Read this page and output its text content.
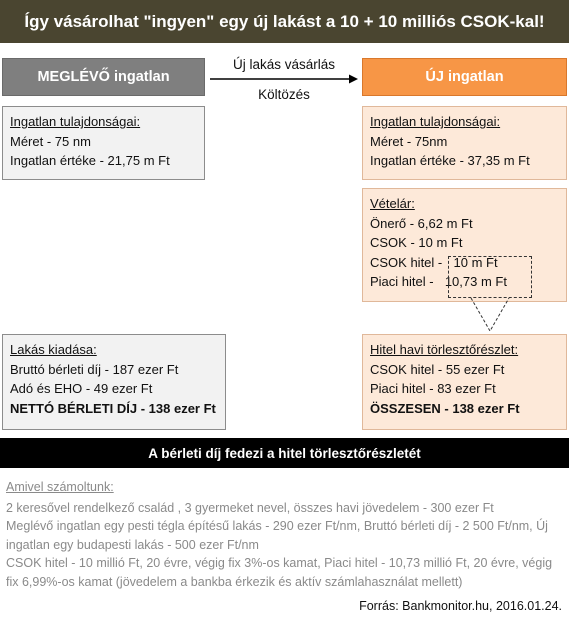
Így vásárolhat "ingyen" egy új lakást a 10 + 10 milliós CSOK-kal!
MEGLÉVŐ ingatlan
Új lakás vásárlás
Költözés
ÚJ ingatlan
Ingatlan tulajdonságai:
Méret - 75 nm
Ingatlan értéke - 21,75 m Ft
Ingatlan tulajdonságai:
Méret - 75nm
Ingatlan értéke - 37,35 m Ft
Vételár:
Önerő - 6,62 m Ft
CSOK - 10 m Ft
CSOK hitel - 10 m Ft
Piaci hitel - 10,73 m Ft
Lakás kiadása:
Bruttó bérleti díj - 187 ezer Ft
Adó és EHO - 49 ezer Ft
NETTÓ BÉRLETI DÍJ - 138 ezer Ft
Hitel havi törlesztőrészlet:
CSOK hitel - 55 ezer Ft
Piaci hitel - 83 ezer Ft
ÖSSZESEN - 138 ezer Ft
A bérleti díj fedezi a hitel törlesztőrészletét

Amivel számoltunk:

2 keresővel rendelkező család , 3 gyermeket nevel, összes havi jövedelem - 300 ezer Ft

Meglévő ingatlan egy pesti tégla építésű lakás - 290 ezer Ft/nm, Bruttó bérleti díj - 2 500 Ft/nm, Új ingatlan egy budapesti lakás - 500 ezer Ft/nm

CSOK hitel - 10 millió Ft, 20 évre, végig fix 3%-os kamat, Piaci hitel - 10,73 millió Ft, 20 évre, végig fix 6,99%-os kamat (jövedelem a bankba érkezik és aktív számlahasználat mellett)

Forrás: Bankmonitor.hu, 2016.01.24.
